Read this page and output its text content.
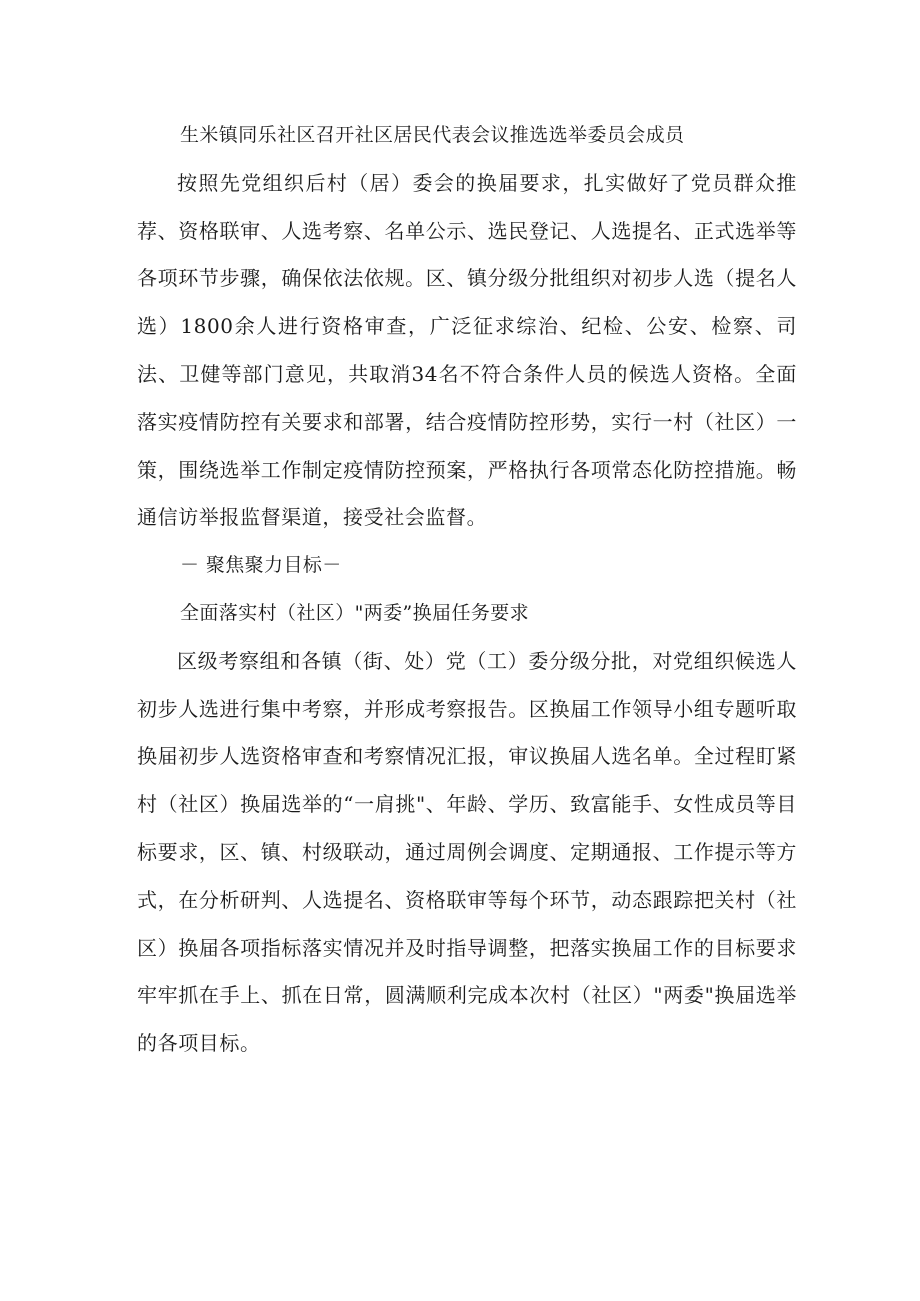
生米镇同乐社区召开社区居民代表会议推选选举委员会成员

按照先党组织后村（居）委会的换届要求，扎实做好了党员群众推荐、资格联审、人选考察、名单公示、选民登记、人选提名、正式选举等各项环节步骤，确保依法依规。区、镇分级分批组织对初步人选（提名人选）1800余人进行资格审查，广泛征求综治、纪检、公安、检察、司法、卫健等部门意见，共取消34名不符合条件人员的候选人资格。全面落实疫情防控有关要求和部署，结合疫情防控形势，实行一村（社区）一策，围绕选举工作制定疫情防控预案，严格执行各项常态化防控措施。畅通信访举报监督渠道，接受社会监督。

－ 聚焦聚力目标－

全面落实村（社区）"两委”换届任务要求

区级考察组和各镇（街、处）党（工）委分级分批，对党组织候选人初步人选进行集中考察，并形成考察报告。区换届工作领导小组专题听取换届初步人选资格审查和考察情况汇报，审议换届人选名单。全过程盯紧村（社区）换届选举的“一肩挑"、年龄、学历、致富能手、女性成员等目标要求，区、镇、村级联动，通过周例会调度、定期通报、工作提示等方式，在分析研判、人选提名、资格联审等每个环节，动态跟踪把关村（社区）换届各项指标落实情况并及时指导调整，把落实换届工作的目标要求牢牢抓在手上、抓在日常，圆满顺利完成本次村（社区）"两委"换届选举的各项目标。
